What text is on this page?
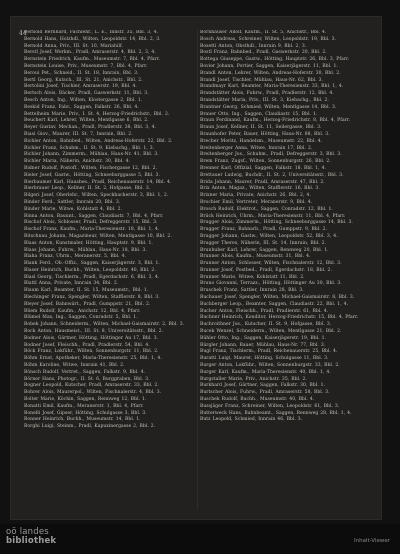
44

Bernold Bernhard, Fachlehr., L. E., Innstr. 35, Bbl. 3, 4.

Bernold Hans, Holzhdl., Wilten, Leopoldstr. 14, Bbl. 2, 3.

Bernold Anna, Priv., III. St. 10, Mariahilf.

Berstl Josef, Werkm., Pradl, Amraserstr. 4, Bbl. 2, 3, 4.

Bernstein Friedrich, Kaufm., Museumstr. 7, Bbl. 4, Pfarr.

Bernstein Louise, Priv., Museumstr. 7, Bbl. 4, Pfarr.

Beroui Pet., Schneid., II. St. 18, Innrain, Bbl. 3.

Bertl Georg, Kutsch., III. St. 21, Anichstr., Bbl. 2.

Bertolini Josef, Tischler, Amraserstr. 19, Bbl. 4.

Bertsch Alois, Bäcker, Pradl, Gaswerkstr. 11, Bbl. 3.

Besch Anton, Ing., Wilten, Klostergasse 2, Bbl. 1.

Beskid Franz, Fabr., Saggen, Falkstr. 26, Bbl. 4.

Bettelheim Marie, Priv., I. St. 4, Herzog-Friedrichstr., Bbl. 2.

Beuchert Karl, Lehrer, Wilten, Mentlgasse 6, Bbl. 2.

Beyer Gustav, Mechan., Pradl, Pradlerstr. 38, Bbl. 3, 4.

Biasi Giov., Maurer, III. St. 7, Innrain, Bbl. 2.

Bichler Anton, Bahnbed., Wilten, Andreas-Hoferstr. 22, Bbl. 2.

Bichler Franz, Schuhm., II. St. 9, Kiebachg., Bbl. 1, 3.

Bichler Johann, Zimmerm., Mühlau, Haus-Nr. 41, Bbl. 3.

Bichler Maria, Näherin, Anichstr. 30, Bbl. 4.

Bidner Rudolf, Postoff., Wilten, Fischergasse 12, Bbl. 2.

Bieler Josef, Gastw., Hötting, Schneeburggasse 5, Bbl. 3.

Bierbaumer Karl, Hausbes., Pradl, Reichenauerstr. 14, Bbl. 4.

Bierbrauer Leop., Kellner, II. St. 2, Hofgasse, Bbl. 3.

Bilgeri Josef, Oberlehr., Wilten, Speckbacherstr. 3, Bbl. 1, 2.

Binder Ferd., Sattler, Innrain 20, Bbl. 3.

Binder Marie, Witwe, Kohlstatt 4, Bbl. 2.

Binna Anton, Bauunt., Saggen, Claudiastr. 7, Bbl. 4, Pfarr.

Bischof Alois, Schlosser, Pradl, Defreggerstr. 15, Bbl. 3.

Bischof Franz, Kaufm., Maria-Theresienstr. 18, Bbl. 1, 4.

Bitschnau Johann, Magazineur, Wilten, Mentlgasse 10, Bbl. 2.

Blaas Anton, Kunstmaler, Hötting, Hauptstr. 9, Bbl. 1.

Blaas Johann, Fuhrw., Mühlau, Haus-Nr. 18, Bbl. 3.

Blaha Franz, Uhrm., Meranerstr. 5, Bbl. 4.

Blank Ferd., Ob.-Offiz., Saggen, Kaiserjägerstr. 3, Bbl. 1.

Blaser Heinrich, Buchb., Wilten, Leopoldstr. 40, Bbl. 2.

Blasl Georg, Tischlerm., Pradl, Egerdachstr. 6, Bbl. 3, 4.

Blattl Anna, Private, Innrain 34, Bbl. 2.

Blaum Karl, Beamter, II. St. 15, Museumstr., Bbl. 1.

Blechinger Franz, Spengler, Wilten, Stafflerstr. 8, Bbl. 3.

Bleyer Josef, Bahnwärt., Pradl, Gumppstr. 21, Bbl. 2.

Bliem Rudolf, Kaufm., Anichstr. 12, Bbl. 4, Pfarr.

Blümel Max, Ing., Saggen, Conradstr. 5, Bbl. 1.

Bobek Johann, Schneiderm., Wilten, Michael-Gaismairstr. 2, Bbl. 3.

Bock Anton, Hausmeist., III. St. 8, Universitätsstr., Bbl. 2.

Bodner Alois, Gärtner, Hötting, Höttinger Au 17, Bbl. 3.

Bodner Josef, Fleischh., Pradl, Pradlerstr. 54, Bbl. 4.

Böck Franz, Lokführ., Wilten, Sonnenburgstr. 11, Bbl. 2.

Böhm Ernst, Apotheker, Maria-Theresienstr. 25, Bbl. 1, 4.

Böhm Karoline, Witwe, Innrain 41, Bbl. 2.

Bönsch Rudolf, Vertret., Saggen, Falkstr. 9, Bbl. 4.

Börner Hans, Photogr., II. St. 6, Burggraben, Bbl. 3.

Bogner Leopold, Kutscher, Pradl, Amraserstr. 33, Bbl. 2.

Bohrer Alois, Maurerpol., Wilten, Fischnalerstr. 4, Bbl. 3.

Bolter Marie, Köchin, Saggen, Rennweg 12, Bbl. 1.

Bonatti Emil, Kaufm., Meranerstr. 1, Bbl. 4, Pfarr.

Bonelli Josef, Gipser, Hötting, Schulgasse 3, Bbl. 3.

Bonner Heinrich, Buchh., Museumstr. 14, Bbl. 1.

Borghi Luigi, Steinm., Pradl, Kapuzinergasse 2, Bbl. 2.

Bornhauser Adolf, Kaufm., II. St. 5, Anichstr., Bbl. 4.

Bosch Andreas, Schreiner, Wilten, Leopoldstr. 19, Bbl. 3.

Bosetti Anton, Obsthdl., Innrain 9, Bbl. 2, 3.

Bostl Franz, Bahnbed., Pradl, Gaswerkstr. 20, Bbl. 2.

Bottega Giuseppe, Gastw., Hötting, Hauptstr. 26, Bbl. 3, Pfarr.

Bovier Johann, Portier, Saggen, Kaiserjägerstr. 11, Bbl. 1.

Brandl Anton, Lehrer, Wilten, Andreas-Hoferstr. 30, Bbl. 2.

Brandl Josef, Tischler, Mühlau, Haus-Nr. 62, Bbl. 3.

Brandmayr Karl, Beamter, Maria-Theresienstr. 33, Bbl. 1, 4.

Brandstätter Alois, Fuhrw., Pradl, Pradlerstr. 12, Bbl. 4.

Brandstätter Maria, Priv., III. St. 3, Kiebachg., Bbl. 2.

Brantner Georg, Schmied, Wilten, Mentlgasse 14, Bbl. 3.

Brauer Otto, Ing., Saggen, Claudiastr. 15, Bbl. 1.

Braun Ferdinand, Kaufm., Herzog-Friedrichstr. 8, Bbl. 4, Pfarr.

Braun Josef, Kellner, II. St. 11, Seilergasse, Bbl. 3.

Braunhofer Peter, Bauer, Hötting, Haus-Nr. 88, Bbl. 3.

Brecher Moritz, Handelsm., Museumstr. 22, Bbl. 4.

Breitenberger Anna, Witwe, Innrain 17, Bbl. 2.

Breitenberger Jos., Schuhm., Pradl, Defreggerstr. 3, Bbl. 3.

Brem Franz, Zugsf., Wilten, Sonnenburgstr. 26, Bbl. 2.

Brenner Karl, Offizial, Saggen, Falkstr. 18, Bbl. 1, 4.

Brettauer Ludwig, Buchdr., II. St. 2, Universitätsstr., Bbl. 3.

Brida Johann, Maurer, Pradl, Amraserstr. 47, Bbl. 2.

Brix Anton, Magaz., Wilten, Stafflerstr. 16, Bbl. 3.

Brixner Maria, Private, Anichstr. 26, Bbl. 2, 4.

Brochier Emil, Vertreter, Meranerstr. 9, Bbl. 4.

Brosch Rudolf, Elektrot., Saggen, Conradstr. 12, Bbl. 1.

Brück Heinrich, Uhrm., Maria-Theresienstr. 11, Bbl. 4, Pfarr.

Brugger Alois, Zimmerm., Hötting, Schneeburggasse 14, Bbl. 3.

Brugger Franz, Bahnarb., Pradl, Gumppstr. 9, Bbl. 2.

Brugger Johann, Gastw., Wilten, Leopoldstr. 52, Bbl. 3, 4.

Brugger Theres, Näherin, III. St. 14, Innrain, Bbl. 2.

Brunhuber Karl, Lehrer, Saggen, Rennweg 20, Bbl. 1.

Brunner Alois, Kaufm., Museumstr. 31, Bbl. 4.

Brunner Anton, Schlosser, Wilten, Fischnalerstr. 12, Bbl. 3.

Brunner Josef, Postbed., Pradl, Egerdachstr. 18, Bbl. 2.

Brunner Marie, Witwe, Kohlstatt 11, Bbl. 2.

Bruno Giovanni, Terrazz., Hötting, Höttinger Au 30, Bbl. 3.

Bruschek Franz, Sattler, Innrain 28, Bbl. 3.

Buchauer Josef, Spengler, Wilten, Michael-Gaismairstr. 8, Bbl. 3.

Buchberger Leop., Beamter, Saggen, Claudiastr. 22, Bbl. 1, 4.

Bucher Anton, Fleischh., Pradl, Pradlerstr. 61, Bbl. 4.

Buchner Heinrich, Konditor, Herzog-Friedrichstr. 15, Bbl. 4, Pfarr.

Buchroithner Jos., Kutscher, II. St. 9, Hofgasse, Bbl. 3.

Bucek Wenzel, Schneiderm., Wilten, Mentlgasse 21, Bbl. 2.

Bühler Otto, Ing., Saggen, Kaiserjägerstr. 19, Bbl. 1.

Bürgler Johann, Bauer, Mühlau, Haus-Nr. 77, Bbl. 3.

Bugl Franz, Tischlerm., Pradl, Reichenauerstr. 25, Bbl. 4.

Buratti Luigi, Maurer, Hötting, Schulgasse 11, Bbl. 3.

Burger Anton, Lokführ., Wilten, Sonnenburgstr. 33, Bbl. 2.

Burger Karl, Kaufm., Maria-Theresienstr. 40, Bbl. 1, 4.

Burgstaller Marie, Priv., Anichstr. 35, Bbl. 2.

Burkhard Josef, Gärtner, Saggen, Falkstr. 30, Bbl. 1.

Burtscher Alois, Fuhrw., Pradl, Amraserstr. 58, Bbl. 3.

Buschek Rudolf, Buchh., Museumstr. 40, Bbl. 4.

Bussjäger Franz, Schreiner, Wilten, Leopoldstr. 61, Bbl. 3.

Butterweck Hans, Bahnbeamt., Saggen, Rennweg 28, Bbl. 1, 4.

Butz Leopold, Schmied, Innrain 46, Bbl. 3.

oö landes
bibliothek	Inhalt-Viewer
